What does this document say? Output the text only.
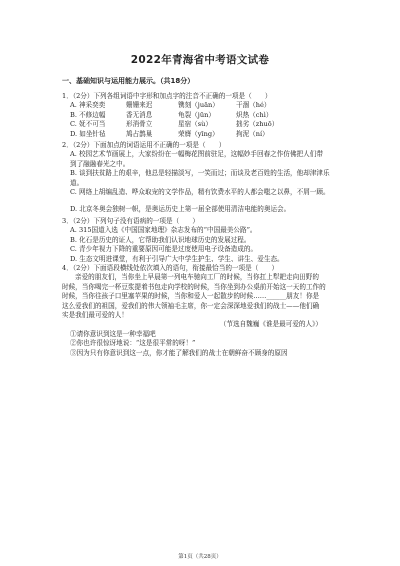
2022年青海省中考语文试卷
一、基础知识与运用能力展示。（共18分）
1．（2分）下列各组词语中字形和加点字的注音不正确的一项是（　　）
A. 神采奕奕	姗姗来迟	镌刻（juān）	干涸（hé）
B. 不修边幅	香无消息	龟裂（jūn）	炽热（chì）
C. 妩不可当	形消骨立	星宿（sù）	拙劣（zhuō）
D. 如坐针毡	鸠占鹊巢	荣膺（yīng）	拘泥（ní）
2．（2分）下面加点的词语运用不正确的一项是（　　）
A. 校园艺术节画展上，大家纷纷在一幅梅花图前驻足，这幅妙手回春之作仿佛把人们带
到了融融春光之中。
B. 谈到扶贫路上的艰辛，他总是轻描淡写，一笑而过；而谈及老百姓的生活，他却津津乐
道。
C. 网络上胡编乱造、哗众取宠的文学作品，精有饮费水平的人都会嗤之以鼻，不屑一顾。
D. 北京冬奥会独树一帜，是奥运历史上第一届全部使用清洁电能的奥运会。
3．（2分）下列句子没有语病的一项是（　　）
A. 315国道入选《中国国家地理》杂志发布的“中国最美公路”。
B. 化石是历史的证人，它帮助我们认识地球历史的发展过程。
C. 青少年视力下降的重要原因可能是过度使用电子设备造成的。
D. 生态文明进课堂，有利于引导广大中学生护生、学生、讲生、爱生态。
4．（2分）下面语段横线处依次填入的语句，衔接最恰当的一项是（　　）
亲爱的朋友们，当你坐上早晨第一列电车驰向工厂的时候，当你扛上犁耙走向田野的
时候，当你喝完一杯豆浆提着书包走向学校的时候，当你坐到办公桌前开始这一天的工作的
时候，当你往孩子口里塞苹果的时候，当你和爱人一起散步的时候……______朋友！你是
这么爱我们的祖国，爱我们的伟大领袖毛主席，你一定会深深地爱我们的战士——他们确
实是我们最可爱的人！
（节选自魏巍《谁是最可爱的人》）
①请你意识到这是一种幸福吧
②你也许很惊讶地说：“这是很平常的呀！”
③因为只有你意识到这一点，你才能了解我们的战士在朝鲜奋不顾身的原因
第1页（共28页）
